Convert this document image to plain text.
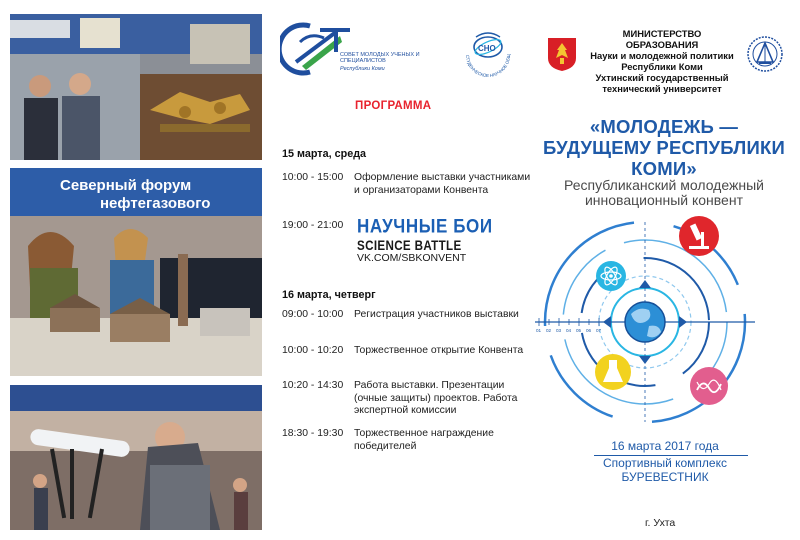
Северный форум
нефтегазового
СОВЕТ МОЛОДЫХ УЧЕНЫХ И
СПЕЦИАЛИСТОВ
Республики Коми
СНО
СТУДЕНЧЕСКОЕ НАУЧНОЕ ОБЩ
МИНИСТЕРСТВО ОБРАЗОВАНИЯ
Науки и молодежной политики
Республики Коми
Ухтинский государственный
технический университет
ПРОГРАММА
15 марта, среда
10:00 - 15:00	Оформление выставки участниками и организаторами Конвента
19:00 - 21:00 НАУЧНЫЕ БОИ
SCIENCE BATTLE
VK.COM/SBKONVENT
16 марта, четверг
09:00 - 10:00	Регистрация участников выставки
10:00 - 10:20	Торжественное открытие Конвента
10:20 - 14:30	Работа выставки. Презентации (очные защиты) проектов. Работа экспертной комиссии
18:30 - 19:30	Торжественное награждение победителей
«МОЛОДЕЖЬ — БУДУЩЕМУ РЕСПУБЛИКИ КОМИ»
Республиканский молодежный
инновационный конвент
01 02 03 04 05 06 07
16 марта 2017 года
Спортивный комплекс
БУРЕВЕСТНИК
г. Ухта
